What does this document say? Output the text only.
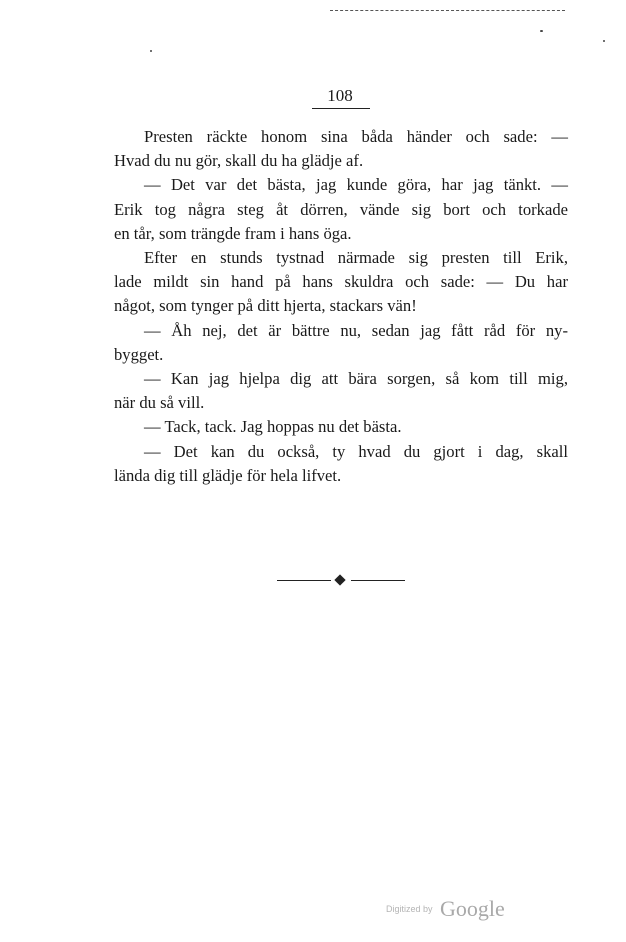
108
Presten räckte honom sina båda händer och sade: —
Hvad du nu gör, skall du ha glädje af.
— Det var det bästa, jag kunde göra, har jag tänkt. —
Erik tog några steg åt dörren, vände sig bort och torkade
en tår, som trängde fram i hans öga.
Efter en stunds tystnad närmade sig presten till Erik,
lade mildt sin hand på hans skuldra och sade: — Du har
något, som tynger på ditt hjerta, stackars vän!
— Åh nej, det är bättre nu, sedan jag fått råd för ny-
bygget.
— Kan jag hjelpa dig att bära sorgen, så kom till mig,
när du så vill.
— Tack, tack. Jag hoppas nu det bästa.
— Det kan du också, ty hvad du gjort i dag, skall
lända dig till glädje för hela lifvet.
Digitized by Google
